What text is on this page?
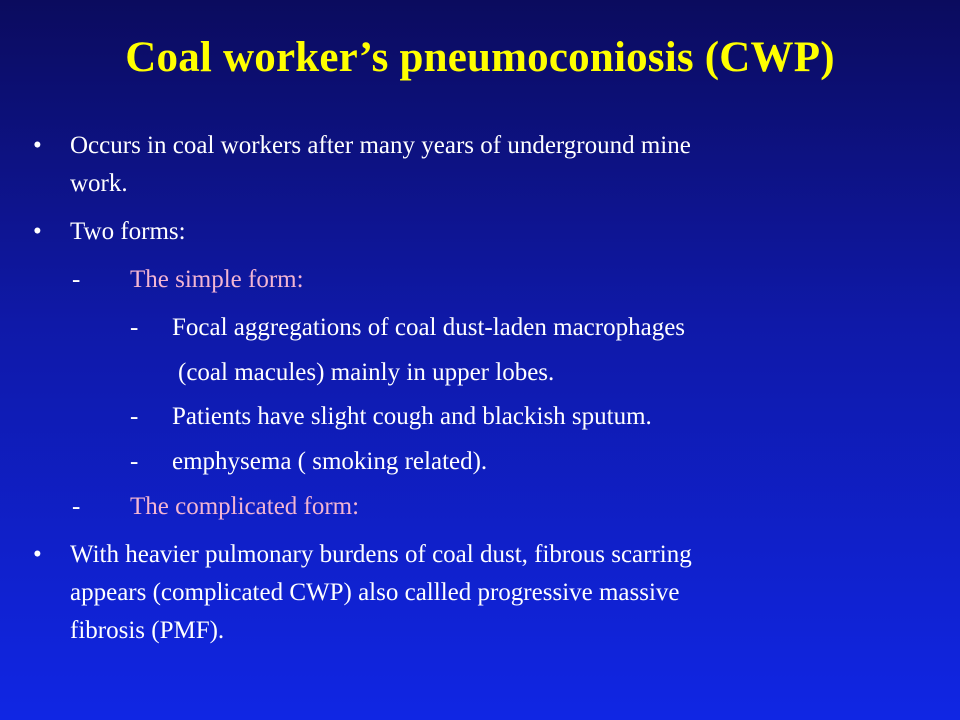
Coal worker’s pneumoconiosis (CWP)
• Occurs in coal workers after many years of underground mine
work.
• Two forms:
- The simple form:
- Focal aggregations of coal dust-laden macrophages
(coal macules) mainly in upper lobes.
- Patients have slight cough and blackish sputum.
- emphysema ( smoking related).
- The complicated form:
• With heavier pulmonary burdens of coal dust, fibrous scarring
appears (complicated CWP) also callled progressive massive
fibrosis (PMF).
